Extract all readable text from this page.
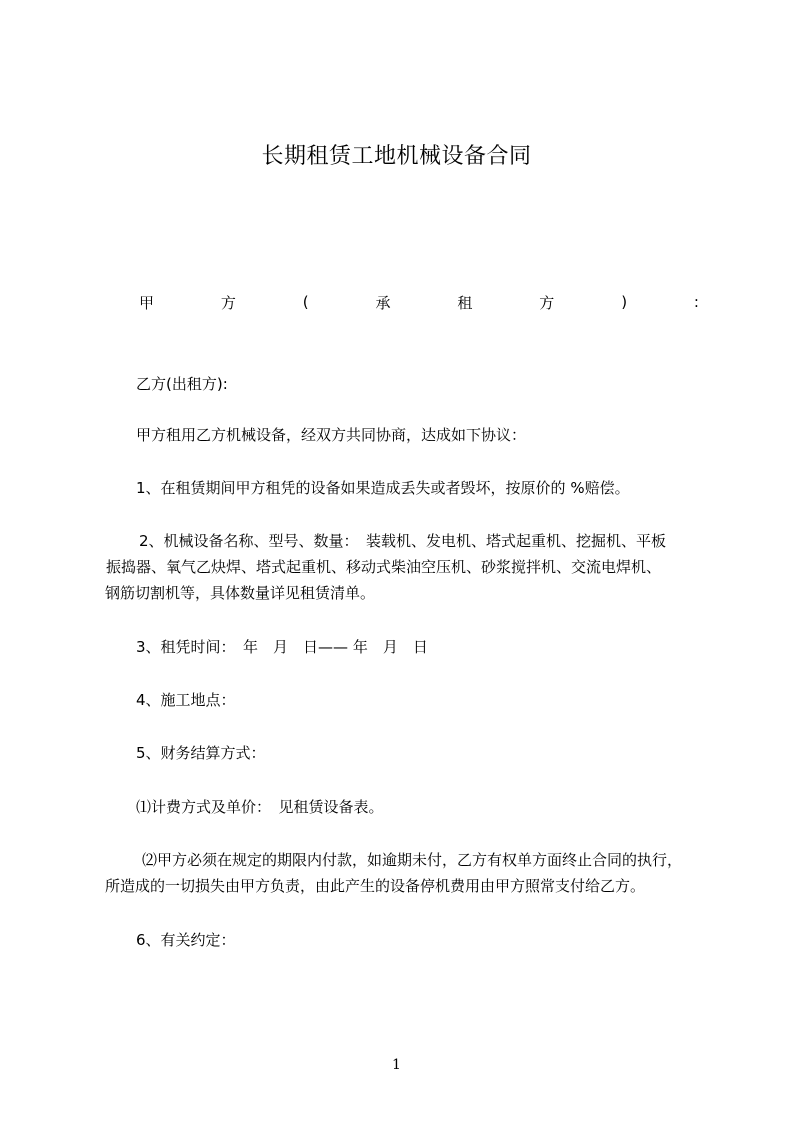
长期租赁工地机械设备合同
甲	方	(	承	租	方	)	:
乙方(出租方):
甲方租用乙方机械设备，经双方共同协商，达成如下协议：
1、在租赁期间甲方租凭的设备如果造成丢失或者毁坏，按原价的 %赔偿。
2、机械设备名称、型号、数量：　装载机、发电机、塔式起重机、挖掘机、平板
振捣器、氧气乙炔焊、塔式起重机、移动式柴油空压机、砂浆搅拌机、交流电焊机、
钢筋切割机等，具体数量详见租赁清单。
3、租凭时间：　年　月　日—— 年　月　日
4、施工地点：
5、财务结算方式：
⑴计费方式及单价：　见租赁设备表。
⑵甲方必须在规定的期限内付款，如逾期未付，乙方有权单方面终止合同的执行，
所造成的一切损失由甲方负责，由此产生的设备停机费用由甲方照常支付给乙方。
6、有关约定：
1
